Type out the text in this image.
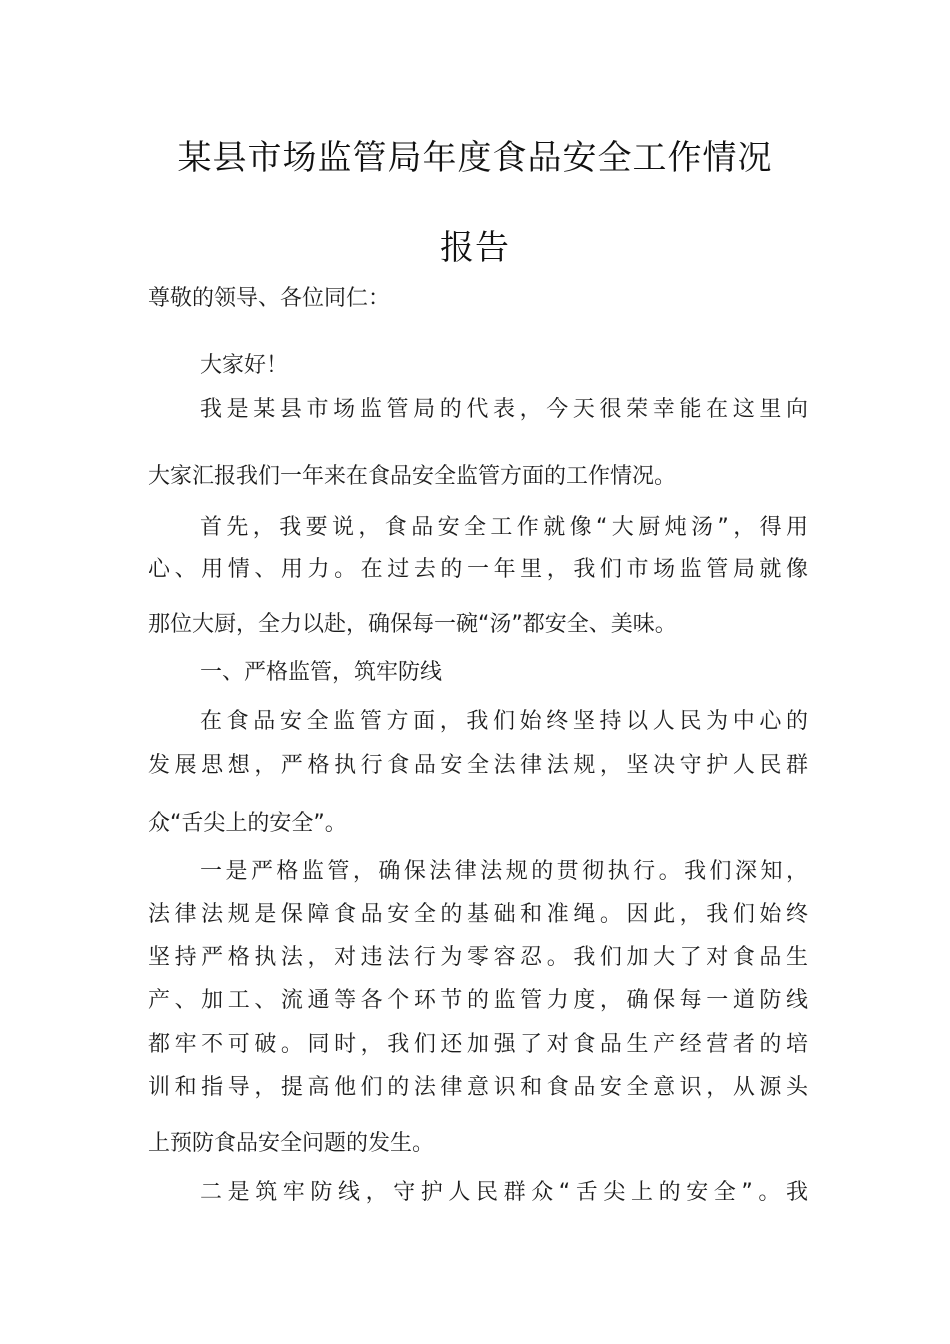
某县市场监管局年度食品安全工作情况
报告
尊敬的领导、各位同仁：
大家好！
我是某县市场监管局的代表，今天很荣幸能在这里向
大家汇报我们一年来在食品安全监管方面的工作情况。
首先，我要说，食品安全工作就像“大厨炖汤”，得用
心、用情、用力。在过去的一年里，我们市场监管局就像
那位大厨，全力以赴，确保每一碗“汤”都安全、美味。
一、严格监管，筑牢防线
在食品安全监管方面，我们始终坚持以人民为中心的
发展思想，严格执行食品安全法律法规，坚决守护人民群
众“舌尖上的安全”。
一是严格监管，确保法律法规的贯彻执行。我们深知，
法律法规是保障食品安全的基础和准绳。因此，我们始终
坚持严格执法，对违法行为零容忍。我们加大了对食品生
产、加工、流通等各个环节的监管力度，确保每一道防线
都牢不可破。同时，我们还加强了对食品生产经营者的培
训和指导，提高他们的法律意识和食品安全意识，从源头
上预防食品安全问题的发生。
二是筑牢防线，守护人民群众“舌尖上的安全”。我
